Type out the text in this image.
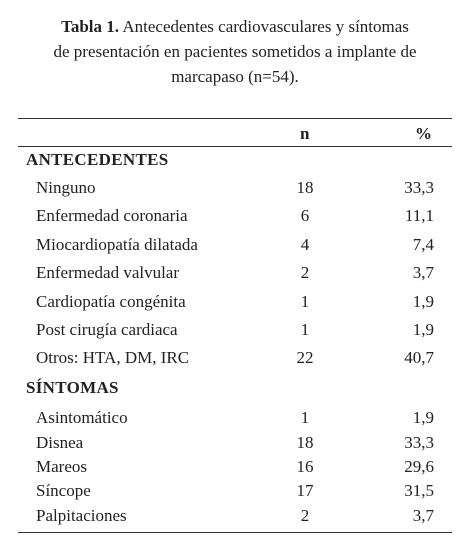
Tabla 1. Antecedentes cardiovasculares y síntomas
de presentación en pacientes sometidos a implante de
marcapaso (n=54).
n	%
ANTECEDENTES
Ninguno	18	33,3
Enfermedad coronaria	6	11,1
Miocardiopatía dilatada	4	7,4
Enfermedad valvular	2	3,7
Cardiopatía congénita	1	1,9
Post cirugía cardiaca	1	1,9
Otros: HTA, DM, IRC	22	40,7
SÍNTOMAS
Asintomático	1	1,9
Disnea	18	33,3
Mareos	16	29,6
Síncope	17	31,5
Palpitaciones	2	3,7
